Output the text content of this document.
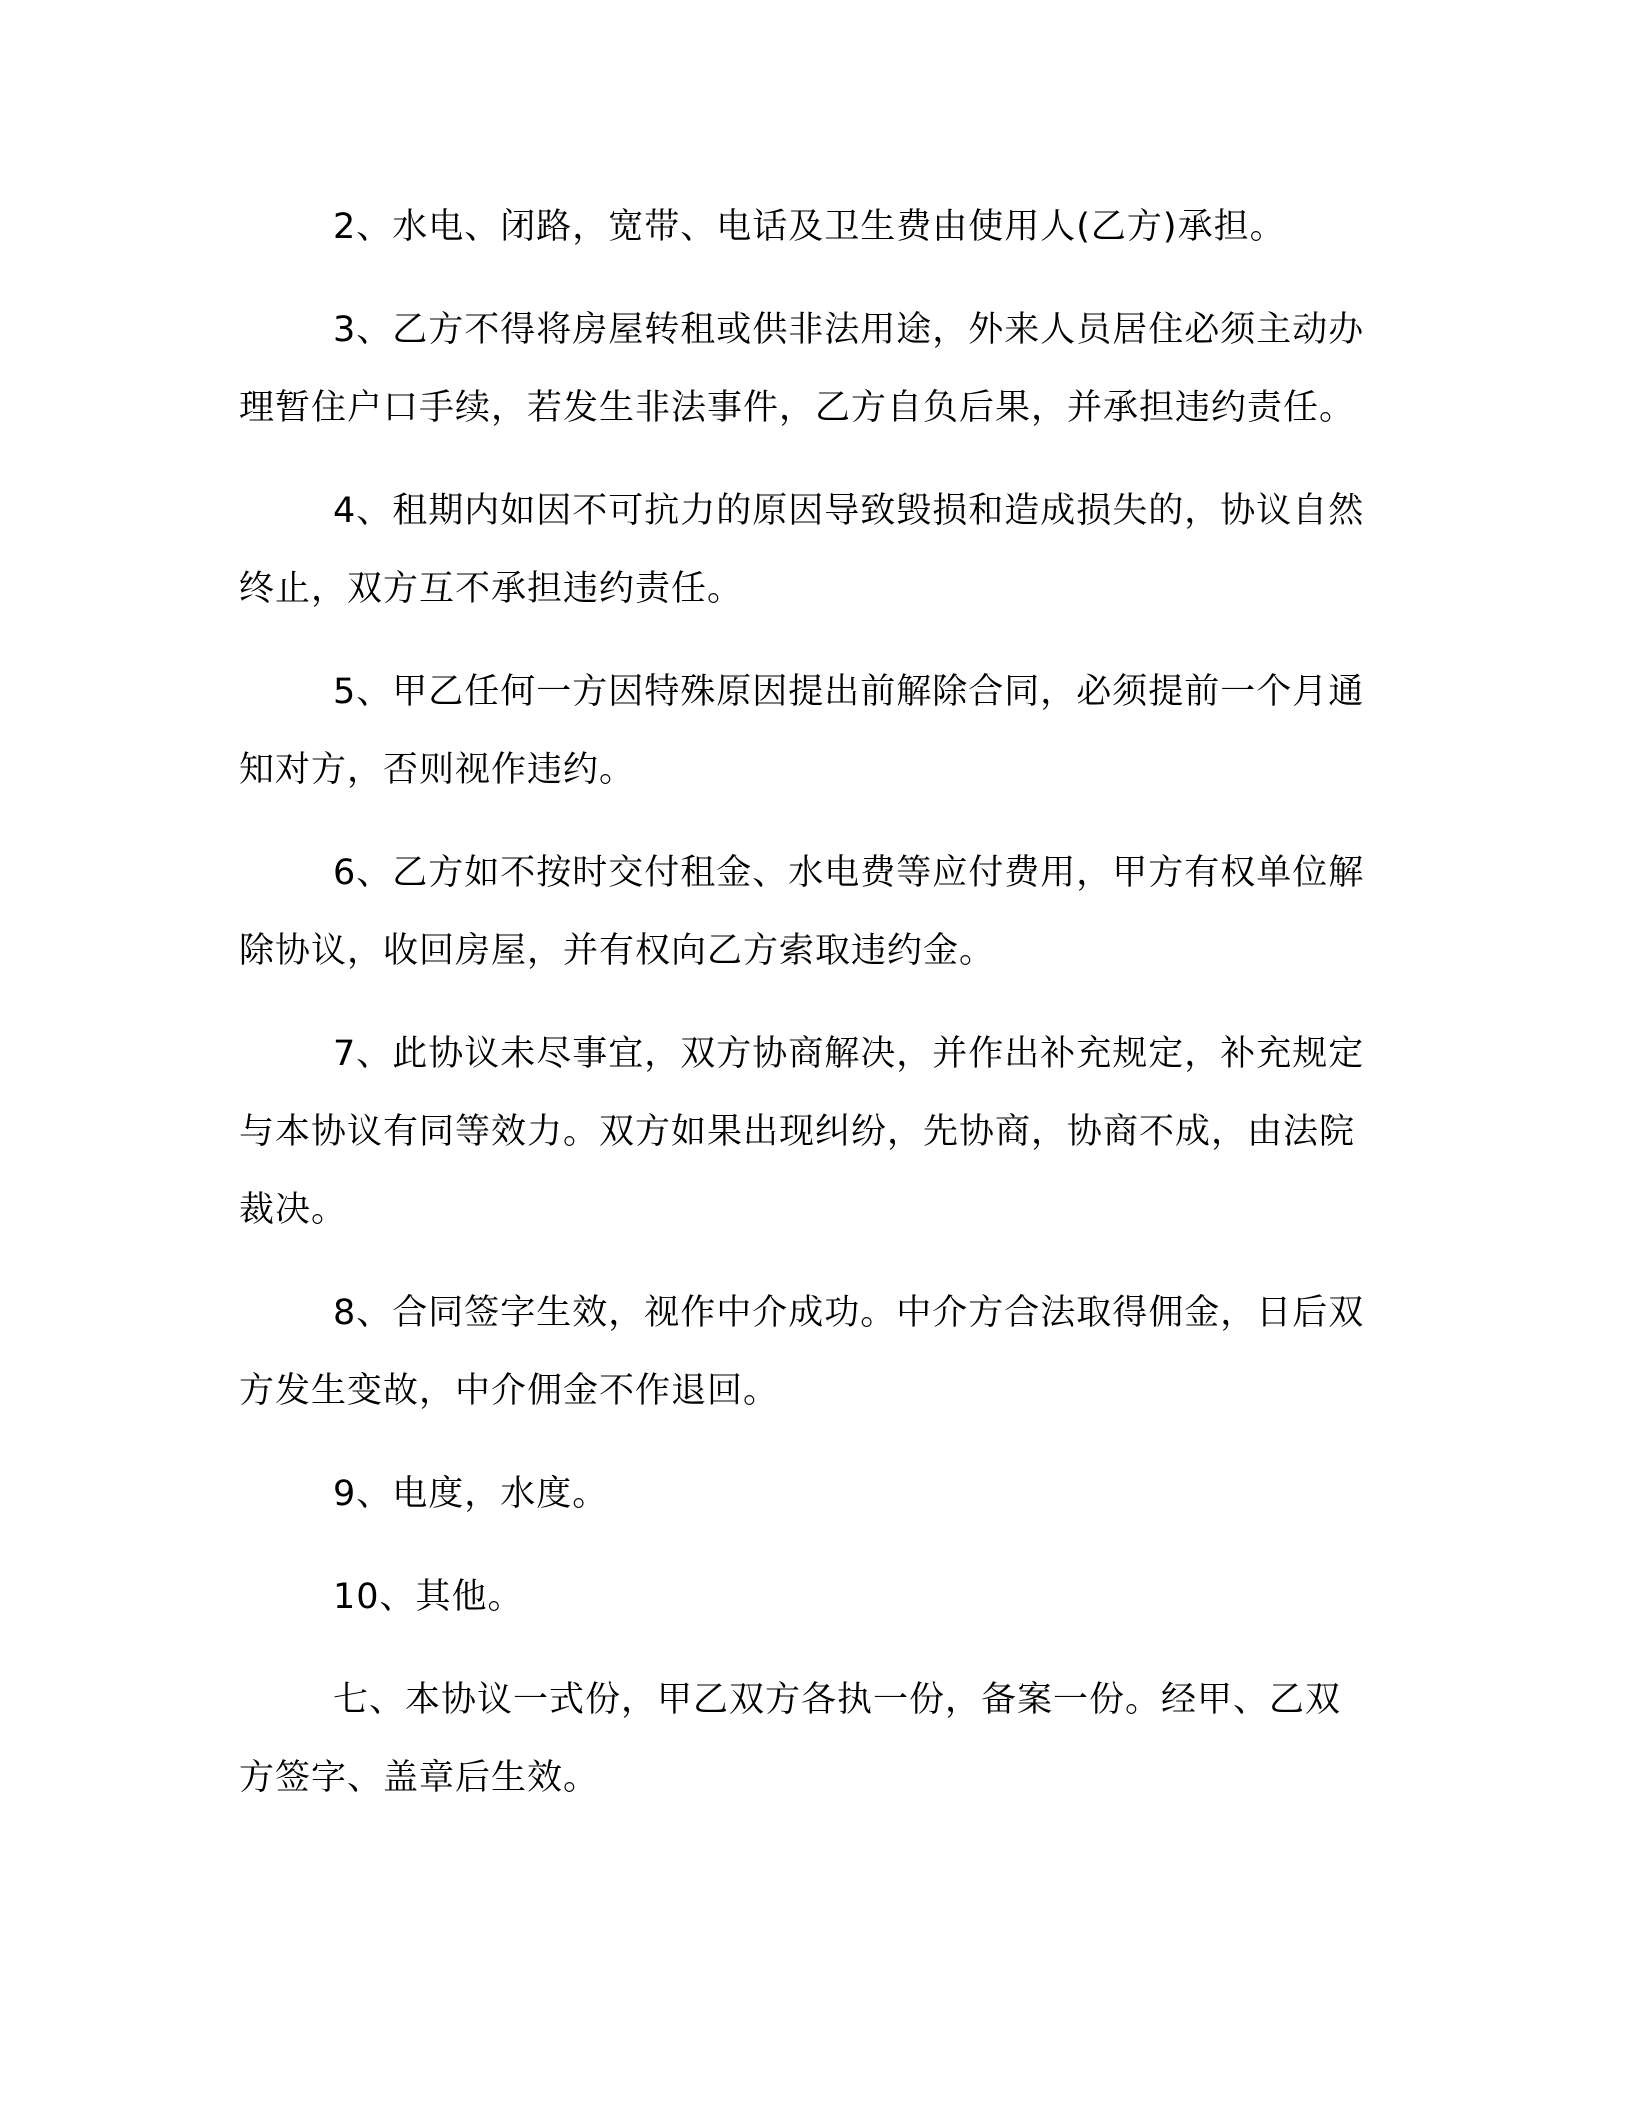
2、水电、闭路，宽带、电话及卫生费由使用人(乙方)承担。

3、乙方不得将房屋转租或供非法用途，外来人员居住必须主动办理暂住户口手续，若发生非法事件，乙方自负后果，并承担违约责任。

4、租期内如因不可抗力的原因导致毁损和造成损失的，协议自然终止，双方互不承担违约责任。

5、甲乙任何一方因特殊原因提出前解除合同，必须提前一个月通知对方，否则视作违约。

6、乙方如不按时交付租金、水电费等应付费用，甲方有权单位解除协议，收回房屋，并有权向乙方索取违约金。

7、此协议未尽事宜，双方协商解决，并作出补充规定，补充规定与本协议有同等效力。双方如果出现纠纷，先协商，协商不成，由法院裁决。

8、合同签字生效，视作中介成功。中介方合法取得佣金，日后双方发生变故，中介佣金不作退回。

9、电度，水度。

10、其他。

七、本协议一式份，甲乙双方各执一份，备案一份。经甲、乙双方签字、盖章后生效。
